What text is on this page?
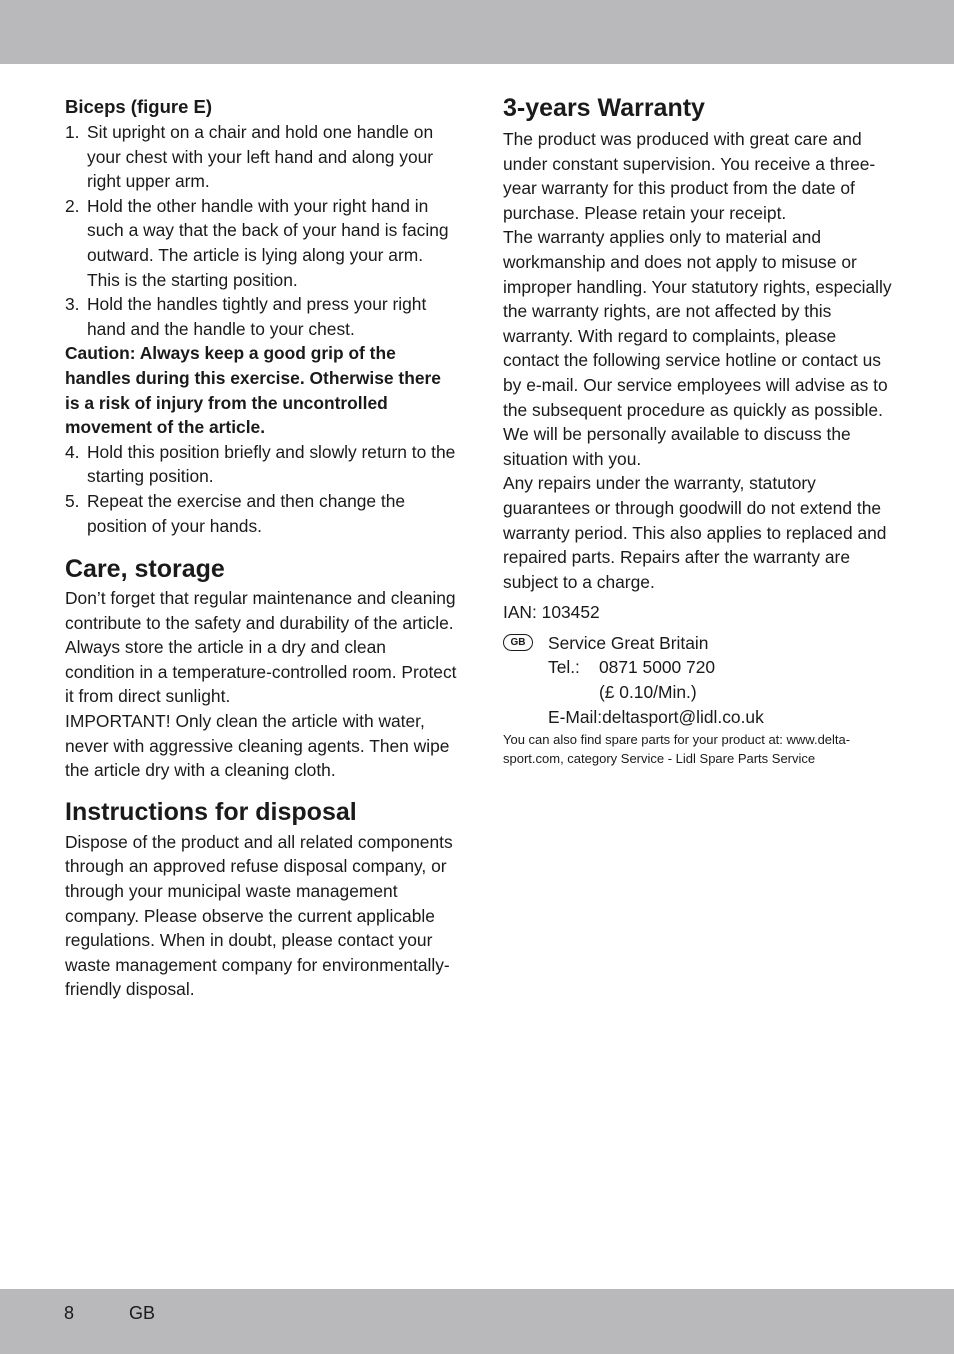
Biceps (figure E)
1. Sit upright on a chair and hold one handle on your chest with your left hand and along your right upper arm.
2. Hold the other handle with your right hand in such a way that the back of your hand is facing outward. The article is lying along your arm. This is the starting position.
3. Hold the handles tightly and press your right hand and the handle to your chest.

Caution: Always keep a good grip of the handles during this exercise. Otherwise there is a risk of injury from the uncontrolled movement of the article.

4. Hold this position briefly and slowly return to the starting position.
5. Repeat the exercise and then change the position of your hands.
Care, storage

Don’t forget that regular maintenance and cleaning contribute to the safety and durability of the article.

Always store the article in a dry and clean condition in a temperature-controlled room. Protect it from direct sunlight.

IMPORTANT! Only clean the article with water, never with aggressive cleaning agents. Then wipe the article dry with a cleaning cloth.

Instructions for disposal

Dispose of the product and all related components through an approved refuse disposal company, or through your municipal waste management company. Please observe the current applicable regulations. When in doubt, please contact your waste management company for environmentally-friendly disposal.

3-years Warranty

The product was produced with great care and under constant supervision. You receive a three-year warranty for this product from the date of purchase. Please retain your receipt.

The warranty applies only to material and workmanship and does not apply to misuse or improper handling. Your statutory rights, especially the warranty rights, are not affected by this warranty. With regard to complaints, please contact the following service hotline or contact us by e-mail. Our service employees will advise as to the subsequent procedure as quickly as possible. We will be personally available to discuss the situation with you.

Any repairs under the warranty, statutory guarantees or through goodwill do not extend the warranty period. This also applies to replaced and repaired parts. Repairs after the warranty are subject to a charge.

IAN: 103452

GB	Service Great Britain
Tel.: 0871 5000 720
(£ 0.10/Min.)
E-Mail:deltasport@lidl.co.uk

You can also find spare parts for your product at: www.delta-sport.com, category Service - Lidl Spare Parts Service

8	GB
